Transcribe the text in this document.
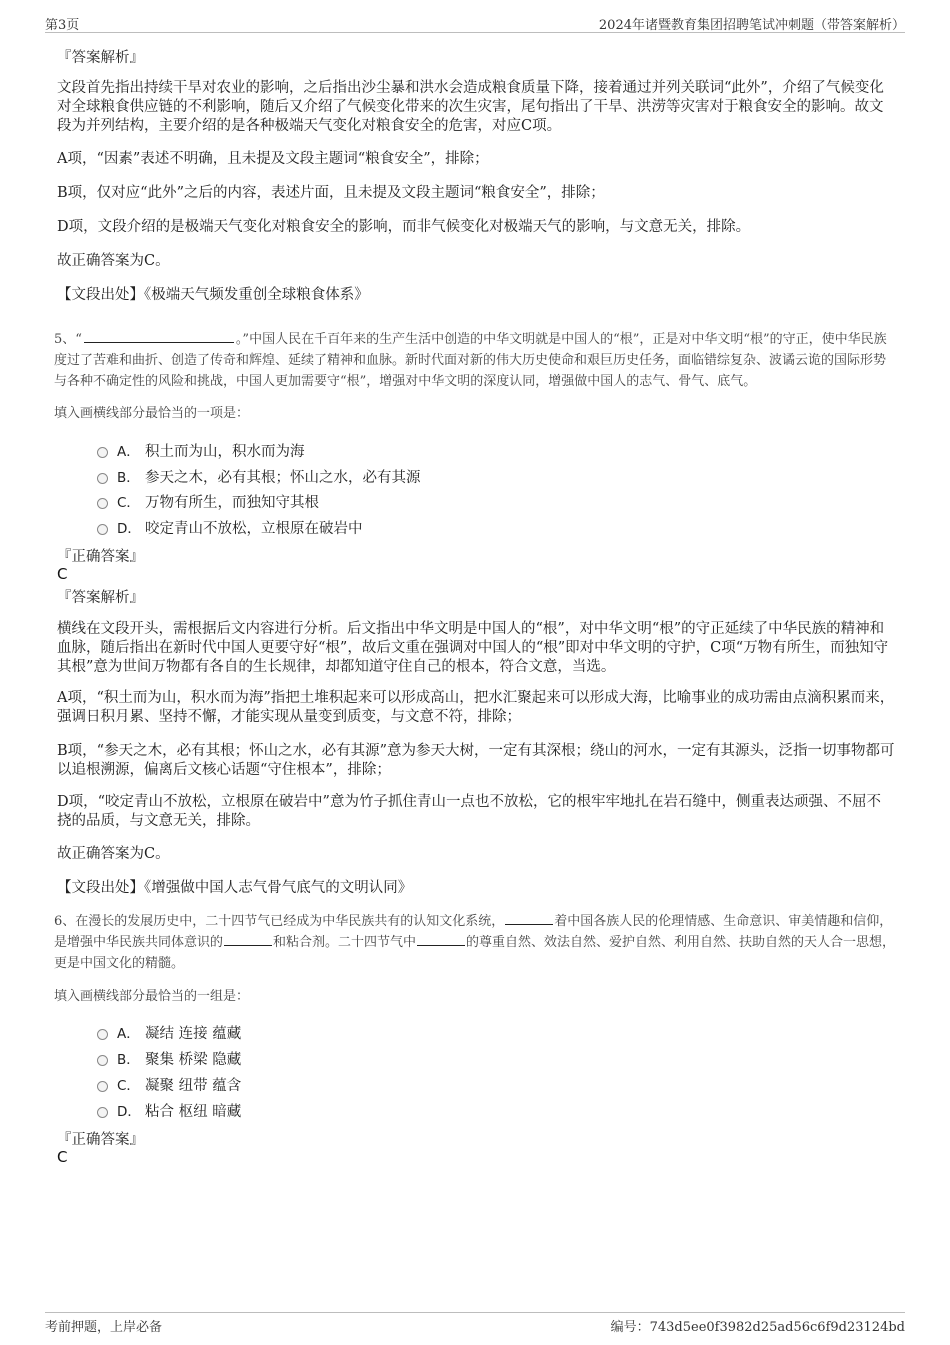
第3页	2024年诸暨教育集团招聘笔试冲刺题（带答案解析）
『答案解析』

文段首先指出持续干旱对农业的影响，之后指出沙尘暴和洪水会造成粮食质量下降，接着通过并列关联词“此外”，介绍了气候变化对全球粮食供应链的不利影响，随后又介绍了气候变化带来的次生灾害，尾句指出了干旱、洪涝等灾害对于粮食安全的影响。故文段为并列结构，主要介绍的是各种极端天气变化对粮食安全的危害，对应C项。

A项，“因素”表述不明确，且未提及文段主题词“粮食安全”，排除；

B项，仅对应“此外”之后的内容，表述片面，且未提及文段主题词“粮食安全”，排除；

D项，文段介绍的是极端天气变化对粮食安全的影响，而非气候变化对极端天气的影响，与文意无关，排除。

故正确答案为C。

【文段出处】《极端天气频发重创全球粮食体系》

5、“	。”中国人民在千百年来的生产生活中创造的中华文明就是中国人的“根”，正是对中华文明“根”的守正，使中华民族度过了苦难和曲折、创造了传奇和辉煌、延续了精神和血脉。新时代面对新的伟大历史使命和艰巨历史任务，面临错综复杂、波谲云诡的国际形势与各种不确定性的风险和挑战，中国人更加需要守“根”，增强对中华文明的深度认同，增强做中国人的志气、骨气、底气。

填入画横线部分最恰当的一项是：

A． 积土而为山，积水而为海
B． 参天之木，必有其根；怀山之水，必有其源
C． 万物有所生，而独知守其根
D． 咬定青山不放松，立根原在破岩中
『正确答案』
C
『答案解析』

横线在文段开头，需根据后文内容进行分析。后文指出中华文明是中国人的“根”，对中华文明“根”的守正延续了中华民族的精神和血脉，随后指出在新时代中国人更要守好“根”，故后文重在强调对中国人的“根”即对中华文明的守护，C项“万物有所生，而独知守其根”意为世间万物都有各自的生长规律，却都知道守住自己的根本，符合文意，当选。

A项，“积土而为山，积水而为海”指把土堆积起来可以形成高山，把水汇聚起来可以形成大海，比喻事业的成功需由点滴积累而来，强调日积月累、坚持不懈，才能实现从量变到质变，与文意不符，排除；

B项，“参天之木，必有其根；怀山之水，必有其源”意为参天大树，一定有其深根；绕山的河水，一定有其源头，泛指一切事物都可以追根溯源，偏离后文核心话题“守住根本”，排除；

D项，“咬定青山不放松，立根原在破岩中”意为竹子抓住青山一点也不放松，它的根牢牢地扎在岩石缝中，侧重表达顽强、不屈不挠的品质，与文意无关，排除。

故正确答案为C。

【文段出处】《增强做中国人志气骨气底气的文明认同》

6、在漫长的发展历史中，二十四节气已经成为中华民族共有的认知文化系统，	着中国各族人民的伦理情感、生命意识、审美情趣和信仰，是增强中华民族共同体意识的	和粘合剂。二十四节气中	的尊重自然、效法自然、爱护自然、利用自然、扶助自然的天人合一思想，更是中国文化的精髓。

填入画横线部分最恰当的一组是：

A． 凝结 连接 蕴藏
B． 聚集 桥梁 隐藏
C． 凝聚 纽带 蕴含
D． 粘合 枢纽 暗藏
『正确答案』
C
考前押题，上岸必备	编号：743d5ee0f3982d25ad56c6f9d23124bd
